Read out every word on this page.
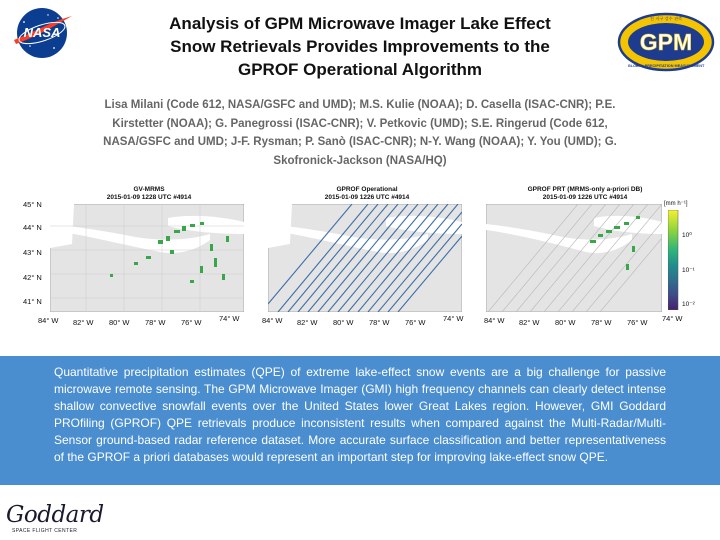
NASA
전 지구 강수 관측
GPM
GLOBAL PRECIPITATION MEASUREMENT
Analysis of GPM Microwave Imager Lake Effect
Snow Retrievals Provides Improvements to the
GPROF Operational Algorithm
Lisa Milani (Code 612, NASA/GSFC and UMD); M.S. Kulie (NOAA); D. Casella (ISAC-CNR); P.E.
Kirstetter (NOAA); G. Panegrossi (ISAC-CNR); V. Petkovic (UMD); S.E. Ringerud (Code 612,
NASA/GSFC and UMD; J-F. Rysman; P. Sanò (ISAC-CNR); N-Y. Wang (NOAA); Y. You (UMD); G.
Skofronick-Jackson (NASA/HQ)
45° N
44° N
43° N
42° N
41° N
GV-MRMS
2015-01-09 1228 UTC #4914
GPROF Operational
2015-01-09 1226 UTC #4914
GPROF PRT (MRMS-only a-priori DB)
2015-01-09 1226 UTC #4914
[mm h⁻¹]
10⁰
10⁻¹
10⁻²
84° W 82° W 80° W 78° W 76° W 74° W	84° W 82° W 80° W 78° W 76° W 74° W	84° W 82° W 80° W 78° W 76° W 74° W

Quantitative precipitation estimates (QPE) of extreme lake-effect snow events are a big challenge for passive microwave remote sensing. The GPM Microwave Imager (GMI) high frequency channels can clearly detect intense shallow convective snowfall events over the United States lower Great Lakes region. However, GMI Goddard PROfiling (GPROF) QPE retrievals produce inconsistent results when compared against the Multi-Radar/Multi-Sensor ground-based radar reference dataset. More accurate surface classification and better representativeness of the GPROF a priori databases would represent an important step for improving lake-effect snow QPE.

Goddard
SPACE FLIGHT CENTER
